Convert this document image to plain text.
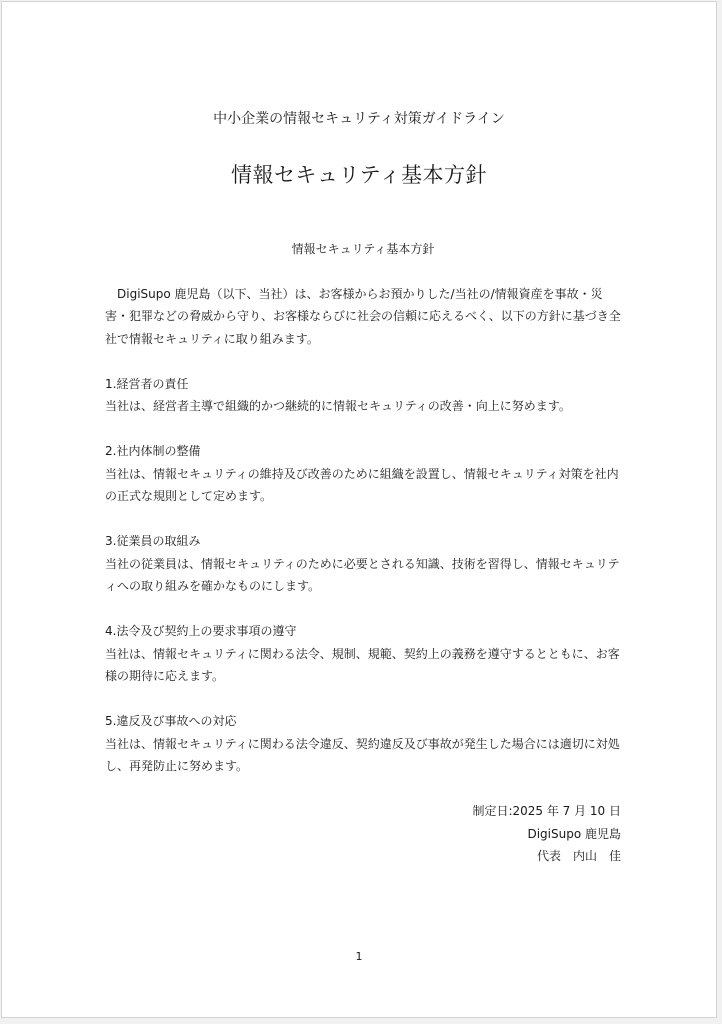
中小企業の情報セキュリティ対策ガイドライン
情報セキュリティ基本方針
情報セキュリティ基本方針

DigiSupo 鹿児島（以下、当社）は、お客様からお預かりした/当社の/情報資産を事故・災害・犯罪などの脅威から守り、お客様ならびに社会の信頼に応えるべく、以下の方針に基づき全社で情報セキュリティに取り組みます。

1.経営者の責任

当社は、経営者主導で組織的かつ継続的に情報セキュリティの改善・向上に努めます。

2.社内体制の整備

当社は、情報セキュリティの維持及び改善のために組織を設置し、情報セキュリティ対策を社内の正式な規則として定めます。

3.従業員の取組み

当社の従業員は、情報セキュリティのために必要とされる知識、技術を習得し、情報セキュリティへの取り組みを確かなものにします。

4.法令及び契約上の要求事項の遵守

当社は、情報セキュリティに関わる法令、規制、規範、契約上の義務を遵守するとともに、お客様の期待に応えます。

5.違反及び事故への対応

当社は、情報セキュリティに関わる法令違反、契約違反及び事故が発生した場合には適切に対処し、再発防止に努めます。

制定日:2025 年 7 月 10 日
DigiSupo 鹿児島
代表　内山　佳
1
